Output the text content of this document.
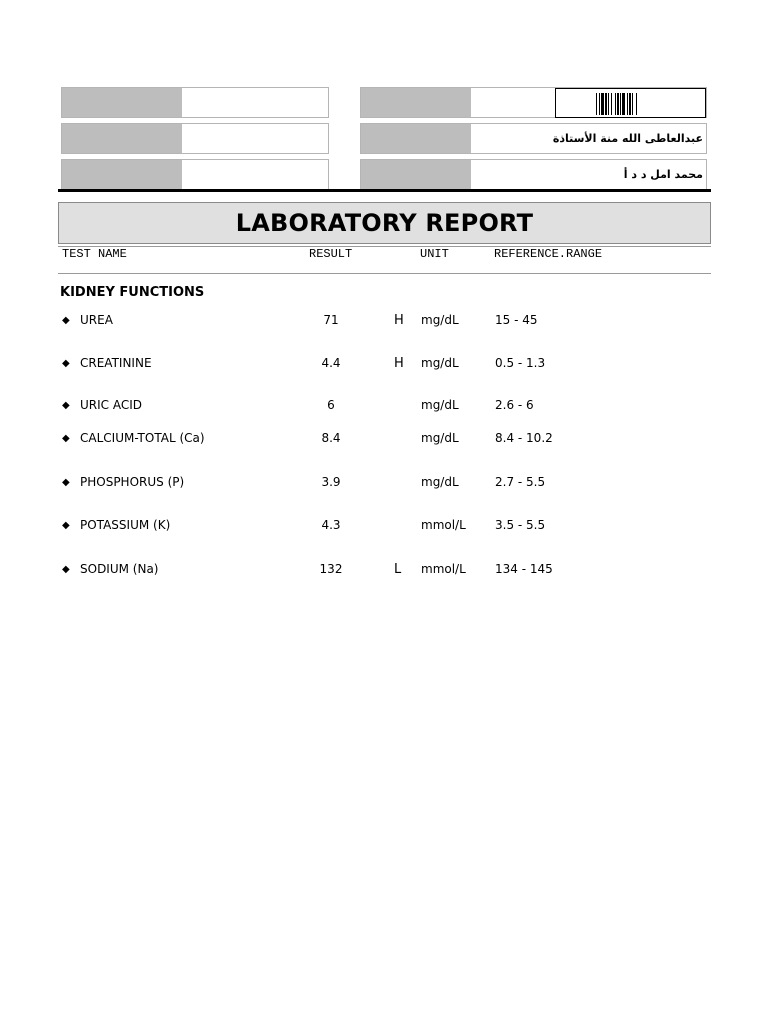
عبدالعاطى الله منة الأستاذة
محمد امل د د أ
LABORATORY REPORT
TEST NAME	RESULT	UNIT	REFERENCE.RANGE
KIDNEY FUNCTIONS
◆ UREA	71	H mg/dL	15 - 45
◆ CREATININE	4.4	H mg/dL	0.5 - 1.3
◆ URIC ACID	6	mg/dL	2.6 - 6
◆ CALCIUM-TOTAL (Ca)	8.4	mg/dL	8.4 - 10.2
◆ PHOSPHORUS (P)	3.9	mg/dL	2.7 - 5.5
◆ POTASSIUM (K)	4.3	mmol/L 3.5 - 5.5
◆ SODIUM (Na)	132	L mmol/L 134 - 145
